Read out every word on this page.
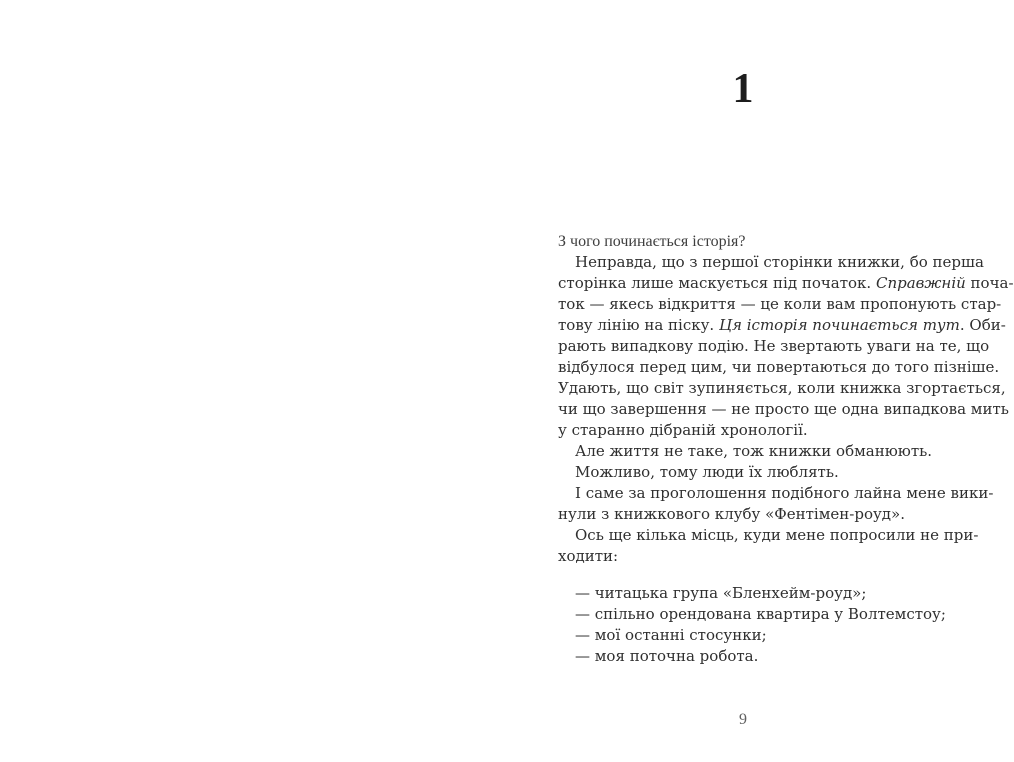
1
З чого починається історія?
Неправда, що з першої сторінки книжки, бо перша
сторінка лише маскується під початок. Справжній поча-
ток — якесь відкриття — це коли вам пропонують стар-
тову лінію на піску. Ця історія починається тут. Оби-
рають випадкову подію. Не звертають уваги на те, що
відбулося перед цим, чи повертаються до того пізніше.
Удають, що світ зупиняється, коли книжка згортається,
чи що завершення — не просто ще одна випадкова мить
у старанно дібраній хронології.
Але життя не таке, тож книжки обманюють.
Можливо, тому люди їх люблять.
І саме за проголошення подібного лайна мене вики-
нули з книжкового клубу «Фентімен-роуд».
Ось ще кілька місць, куди мене попросили не при-
ходити:
— читацька група «Бленхейм-роуд»;
— спільно орендована квартира у Волтемстоу;
— мої останні стосунки;
— моя поточна робота.
9
